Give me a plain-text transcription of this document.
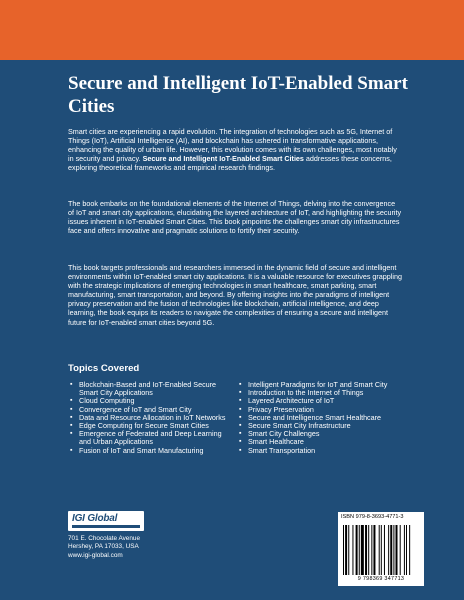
Secure and Intelligent IoT-Enabled Smart Cities

Smart cities are experiencing a rapid evolution. The integration of technologies such as 5G, Internet of Things (IoT), Artificial Intelligence (AI), and blockchain has ushered in transformative applications, enhancing the quality of urban life. However, this evolution comes with its own challenges, most notably in security and privacy. Secure and Intelligent IoT-Enabled Smart Cities addresses these concerns, exploring theoretical frameworks and empirical research findings.

The book embarks on the foundational elements of the Internet of Things, delving into the convergence of IoT and smart city applications, elucidating the layered architecture of IoT, and highlighting the security issues inherent in IoT-enabled Smart Cities. This book pinpoints the challenges smart city infrastructures face and offers innovative and pragmatic solutions to fortify their security.

This book targets professionals and researchers immersed in the dynamic field of secure and intelligent environments within IoT-enabled smart city applications. It is a valuable resource for executives grappling with the strategic implications of emerging technologies in smart healthcare, smart parking, smart manufacturing, smart transportation, and beyond. By offering insights into the paradigms of intelligent privacy preservation and the fusion of technologies like blockchain, artificial intelligence, and deep learning, the book equips its readers to navigate the complexities of ensuring a secure and intelligent future for IoT-enabled smart cities beyond 5G.

Topics Covered
▪ Blockchain-Based and IoT-Enabled Secure Smart City Applications
▪ Cloud Computing
▪ Convergence of IoT and Smart City
▪ Data and Resource Allocation in IoT Networks
▪ Edge Computing for Secure Smart Cities
▪ Emergence of Federated and Deep Learning and Urban Applications
▪ Fusion of IoT and Smart Manufacturing
▪ Intelligent Paradigms for IoT and Smart City
▪ Introduction to the Internet of Things
▪ Layered Architecture of IoT
▪ Privacy Preservation
▪ Secure and Intelligence Smart Healthcare
▪ Secure Smart City Infrastructure
▪ Smart City Challenges
▪ Smart Healthcare
▪ Smart Transportation
IGI Global

701 E. Chocolate Avenue
Hershey, PA 17033, USA
www.igi-global.com

ISBN 979-8-3693-4771-3
9 798369 347713
